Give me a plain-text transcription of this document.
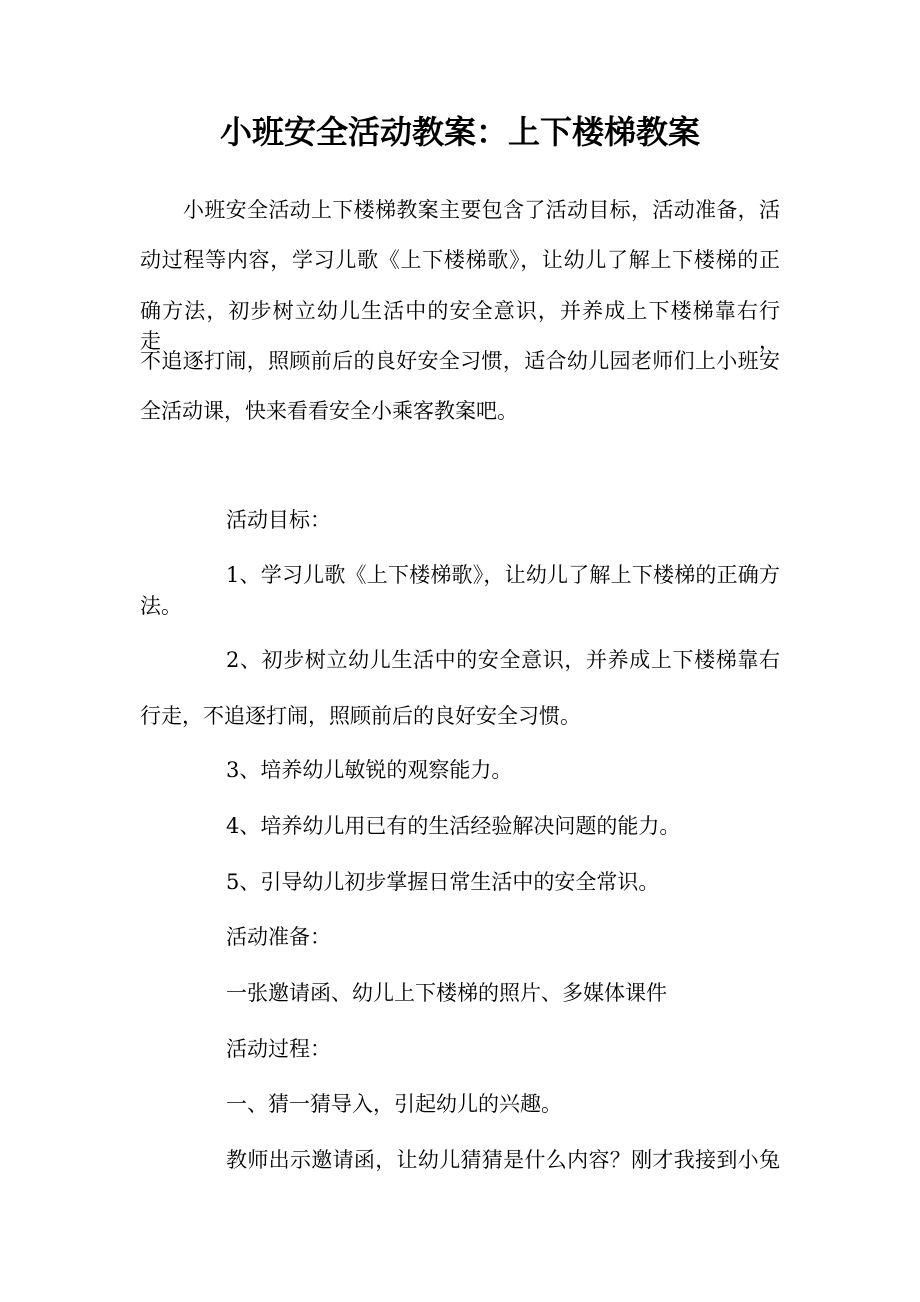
小班安全活动教案：上下楼梯教案
小班安全活动上下楼梯教案主要包含了活动目标，活动准备，活
动过程等内容，学习儿歌《上下楼梯歌》，让幼儿了解上下楼梯的正
确方法，初步树立幼儿生活中的安全意识，并养成上下楼梯靠右行走，
不追逐打闹，照顾前后的良好安全习惯，适合幼儿园老师们上小班安
全活动课，快来看看安全小乘客教案吧。
活动目标：
1、学习儿歌《上下楼梯歌》，让幼儿了解上下楼梯的正确方
法。
2、初步树立幼儿生活中的安全意识，并养成上下楼梯靠右
行走，不追逐打闹，照顾前后的良好安全习惯。
3、培养幼儿敏锐的观察能力。
4、培养幼儿用已有的生活经验解决问题的能力。
5、引导幼儿初步掌握日常生活中的安全常识。
活动准备：
一张邀请函、幼儿上下楼梯的照片、多媒体课件
活动过程：
一、猜一猜导入，引起幼儿的兴趣。
教师出示邀请函，让幼儿猜猜是什么内容？刚才我接到小兔
